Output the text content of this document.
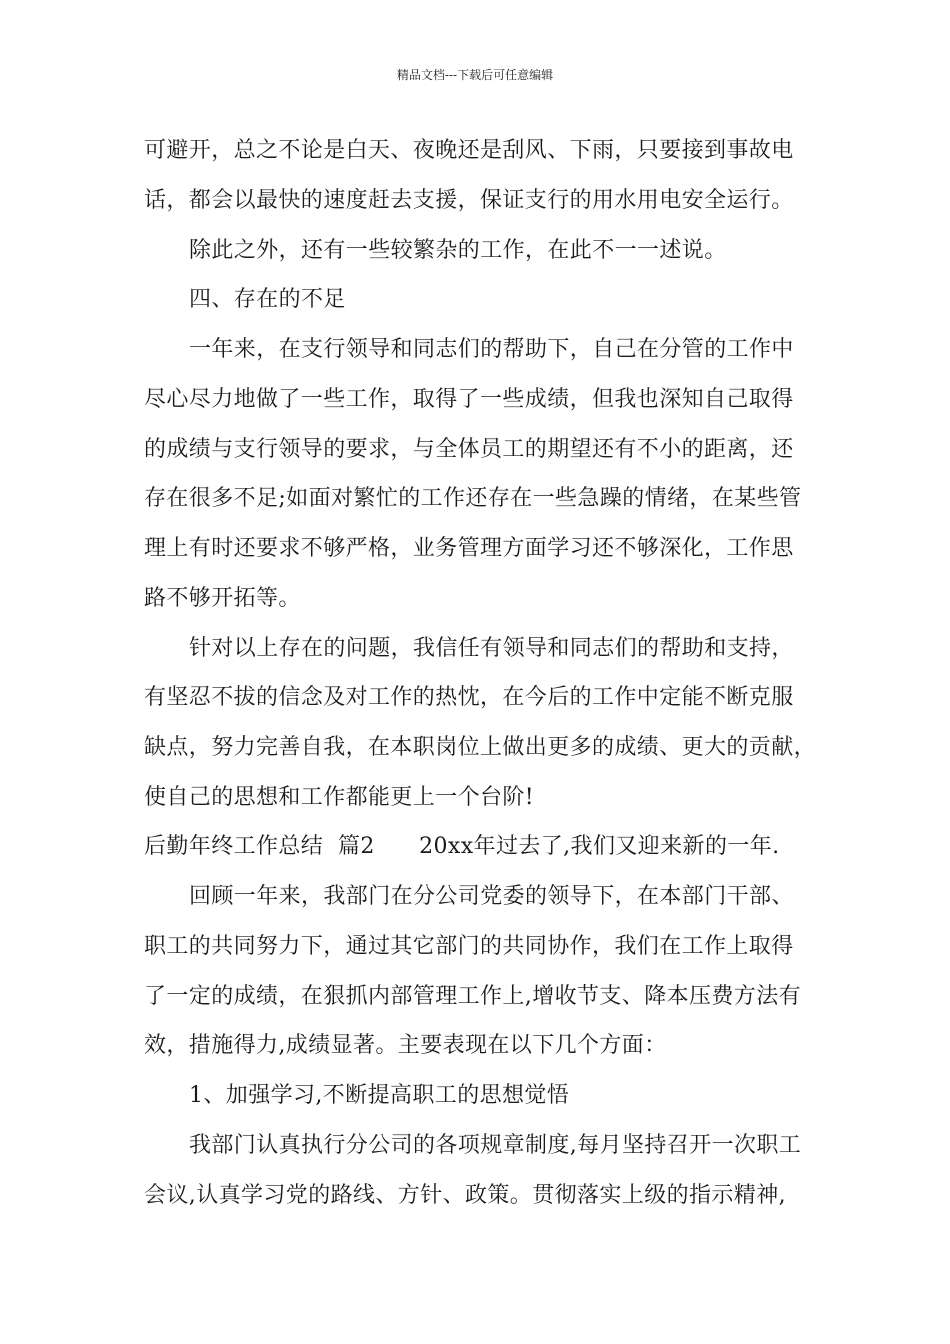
精品文档---下载后可任意编辑
可避开，总之不论是白天、夜晚还是刮风、下雨，只要接到事故电
话，都会以最快的速度赶去支援，保证支行的用水用电安全运行。
除此之外，还有一些较繁杂的工作，在此不一一述说。
四、存在的不足
一年来，在支行领导和同志们的帮助下，自己在分管的工作中
尽心尽力地做了一些工作，取得了一些成绩，但我也深知自己取得
的成绩与支行领导的要求，与全体员工的期望还有不小的距离，还
存在很多不足;如面对繁忙的工作还存在一些急躁的情绪，在某些管
理上有时还要求不够严格，业务管理方面学习还不够深化，工作思
路不够开拓等。
针对以上存在的问题，我信任有领导和同志们的帮助和支持，
有坚忍不拔的信念及对工作的热忱，在今后的工作中定能不断克服
缺点，努力完善自我，在本职岗位上做出更多的成绩、更大的贡献，
使自己的思想和工作都能更上一个台阶!
后勤年终工作总结  篇2      20xx年过去了,我们又迎来新的一年.
回顾一年来，我部门在分公司党委的领导下，在本部门干部、
职工的共同努力下，通过其它部门的共同协作，我们在工作上取得
了一定的成绩，在狠抓内部管理工作上,增收节支、降本压费方法有
效，措施得力,成绩显著。主要表现在以下几个方面：
1、加强学习,不断提高职工的思想觉悟
我部门认真执行分公司的各项规章制度,每月坚持召开一次职工
会议,认真学习党的路线、方针、政策。贯彻落实上级的指示精神,
